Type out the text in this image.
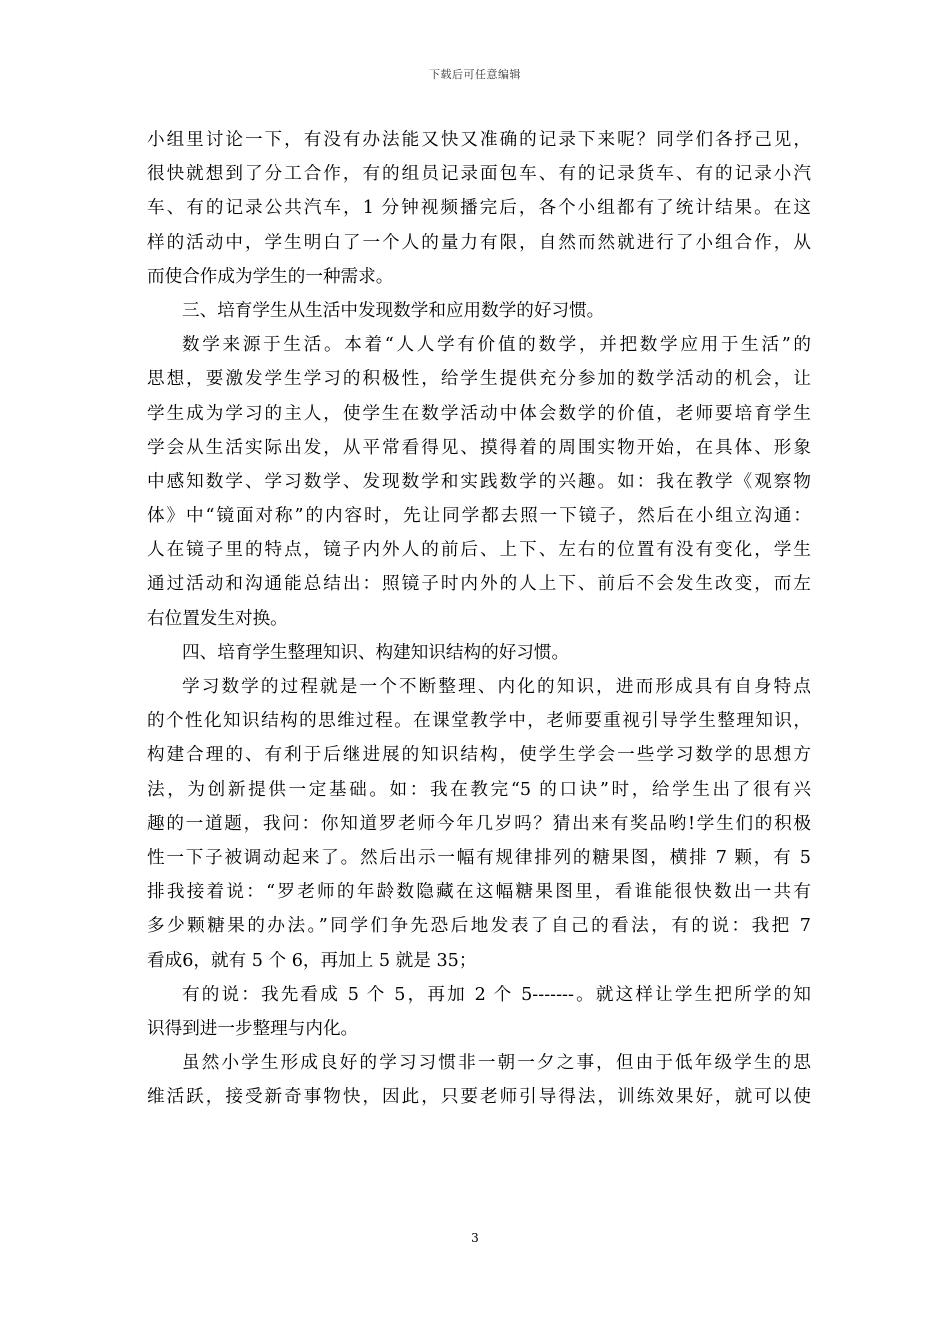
下载后可任意编辑
小组里讨论一下，有没有办法能又快又准确的记录下来呢？同学们各抒己见，
很快就想到了分工合作，有的组员记录面包车、有的记录货车、有的记录小汽
车、有的记录公共汽车，1 分钟视频播完后，各个小组都有了统计结果。在这
样的活动中，学生明白了一个人的量力有限，自然而然就进行了小组合作，从
而使合作成为学生的一种需求。
三、培育学生从生活中发现数学和应用数学的好习惯。
数学来源于生活。本着“人人学有价值的数学，并把数学应用于生活”的
思想，要激发学生学习的积极性，给学生提供充分参加的数学活动的机会，让
学生成为学习的主人，使学生在数学活动中体会数学的价值，老师要培育学生
学会从生活实际出发，从平常看得见、摸得着的周围实物开始，在具体、形象
中感知数学、学习数学、发现数学和实践数学的兴趣。如：我在教学《观察物
体》中“镜面对称”的内容时，先让同学都去照一下镜子，然后在小组立沟通：
人在镜子里的特点，镜子内外人的前后、上下、左右的位置有没有变化，学生
通过活动和沟通能总结出：照镜子时内外的人上下、前后不会发生改变，而左
右位置发生对换。
四、培育学生整理知识、构建知识结构的好习惯。
学习数学的过程就是一个不断整理、内化的知识，进而形成具有自身特点
的个性化知识结构的思维过程。在课堂教学中，老师要重视引导学生整理知识，
构建合理的、有利于后继进展的知识结构，使学生学会一些学习数学的思想方
法，为创新提供一定基础。如：我在教完“5 的口诀”时，给学生出了很有兴
趣的一道题，我问：你知道罗老师今年几岁吗？猜出来有奖品哟!学生们的积极
性一下子被调动起来了。然后出示一幅有规律排列的糖果图，横排 7 颗，有 5
排我接着说：“罗老师的年龄数隐藏在这幅糖果图里，看谁能很快数出一共有
多少颗糖果的办法。”同学们争先恐后地发表了自己的看法，有的说：我把 7
看成6，就有 5 个 6，再加上 5 就是 35；
有的说：我先看成 5 个 5，再加 2 个 5-------。就这样让学生把所学的知
识得到进一步整理与内化。
虽然小学生形成良好的学习习惯非一朝一夕之事，但由于低年级学生的思
维活跃，接受新奇事物快，因此，只要老师引导得法，训练效果好，就可以使
3
